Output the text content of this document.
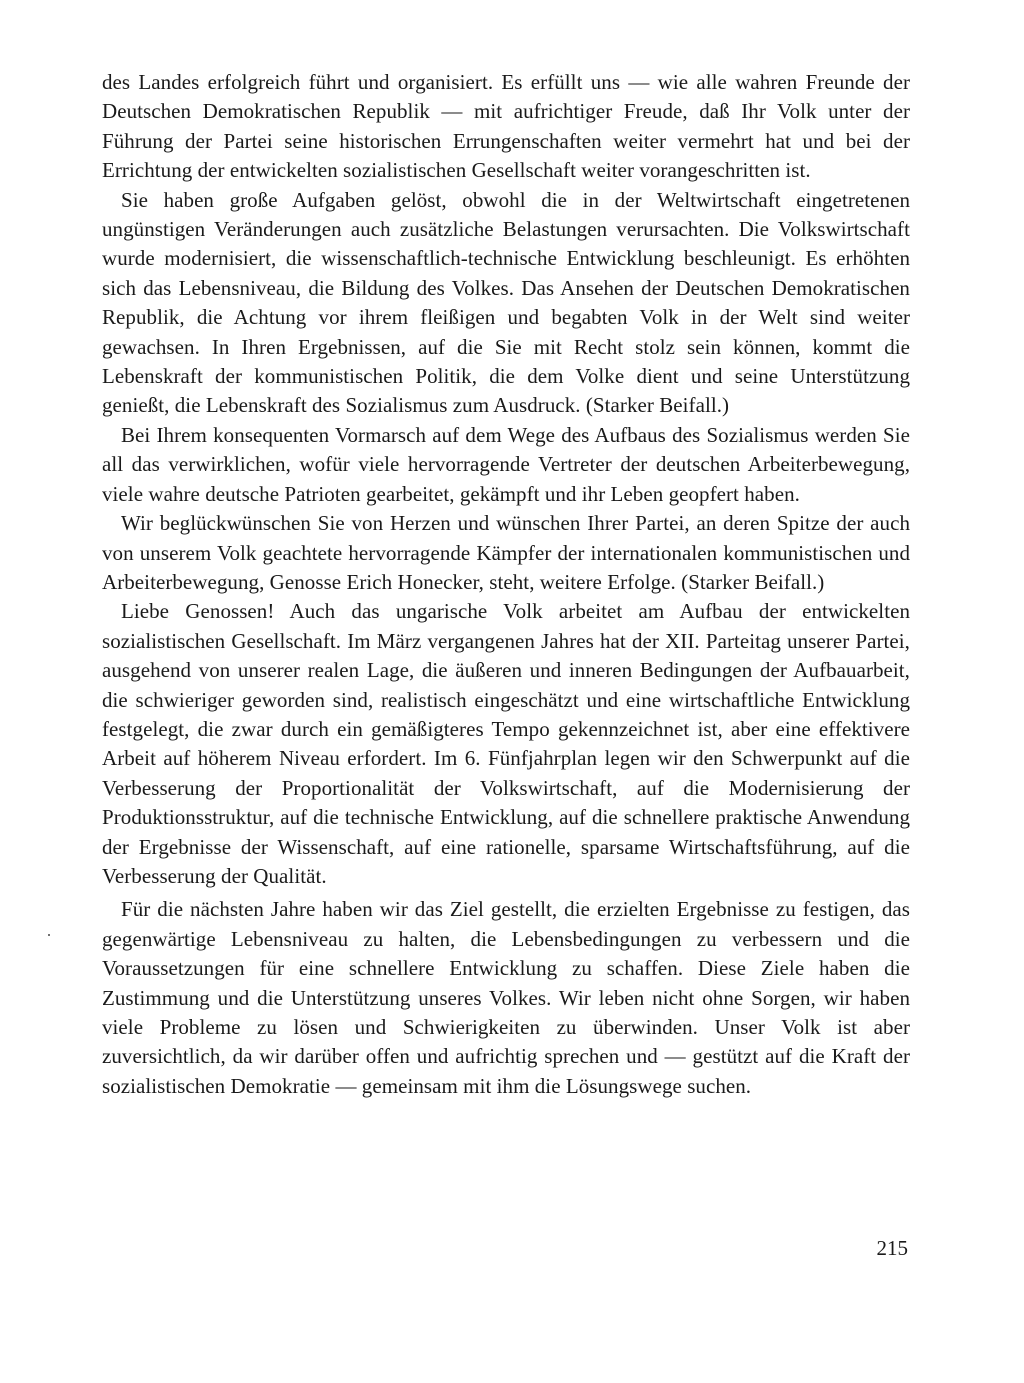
des Landes erfolgreich führt und organisiert. Es erfüllt uns — wie alle wahren Freunde der Deutschen Demokratischen Republik — mit aufrichtiger Freude, daß Ihr Volk unter der Führung der Partei seine historischen Errungenschaften weiter vermehrt hat und bei der Errichtung der entwickelten sozialistischen Gesellschaft weiter vorangeschritten ist.

Sie haben große Aufgaben gelöst, obwohl die in der Weltwirtschaft eingetretenen ungünstigen Veränderungen auch zusätzliche Belastungen verursachten. Die Volkswirtschaft wurde modernisiert, die wissenschaftlich-technische Entwicklung beschleunigt. Es erhöhten sich das Lebensniveau, die Bildung des Volkes. Das Ansehen der Deutschen Demokratischen Republik, die Achtung vor ihrem fleißigen und begabten Volk in der Welt sind weiter gewachsen. In Ihren Ergebnissen, auf die Sie mit Recht stolz sein können, kommt die Lebenskraft der kommunistischen Politik, die dem Volke dient und seine Unterstützung genießt, die Lebenskraft des Sozialismus zum Ausdruck. (Starker Beifall.)

Bei Ihrem konsequenten Vormarsch auf dem Wege des Aufbaus des Sozialismus werden Sie all das verwirklichen, wofür viele hervorragende Vertreter der deutschen Arbeiterbewegung, viele wahre deutsche Patrioten gearbeitet, gekämpft und ihr Leben geopfert haben.

Wir beglückwünschen Sie von Herzen und wünschen Ihrer Partei, an deren Spitze der auch von unserem Volk geachtete hervorragende Kämpfer der internationalen kommunistischen und Arbeiterbewegung, Genosse Erich Honecker, steht, weitere Erfolge. (Starker Beifall.)

Liebe Genossen! Auch das ungarische Volk arbeitet am Aufbau der entwickelten sozialistischen Gesellschaft. Im März vergangenen Jahres hat der XII. Parteitag unserer Partei, ausgehend von unserer realen Lage, die äußeren und inneren Bedingungen der Aufbauarbeit, die schwieriger geworden sind, realistisch eingeschätzt und eine wirtschaftliche Entwicklung festgelegt, die zwar durch ein gemäßigteres Tempo gekennzeichnet ist, aber eine effektivere Arbeit auf höherem Niveau erfordert. Im 6. Fünfjahrplan legen wir den Schwerpunkt auf die Verbesserung der Proportionalität der Volkswirtschaft, auf die Modernisierung der Produktionsstruktur, auf die technische Entwicklung, auf die schnellere praktische Anwendung der Ergebnisse der Wissenschaft, auf eine rationelle, sparsame Wirtschaftsführung, auf die Verbesserung der Qualität.

Für die nächsten Jahre haben wir das Ziel gestellt, die erzielten Ergebnisse zu festigen, das gegenwärtige Lebensniveau zu halten, die Lebensbedingungen zu verbessern und die Voraussetzungen für eine schnellere Entwicklung zu schaffen. Diese Ziele haben die Zustimmung und die Unterstützung unseres Volkes. Wir leben nicht ohne Sorgen, wir haben viele Probleme zu lösen und Schwierigkeiten zu überwinden. Unser Volk ist aber zuversichtlich, da wir darüber offen und aufrichtig sprechen und — gestützt auf die Kraft der sozialistischen Demokratie — gemeinsam mit ihm die Lösungswege suchen.

215
